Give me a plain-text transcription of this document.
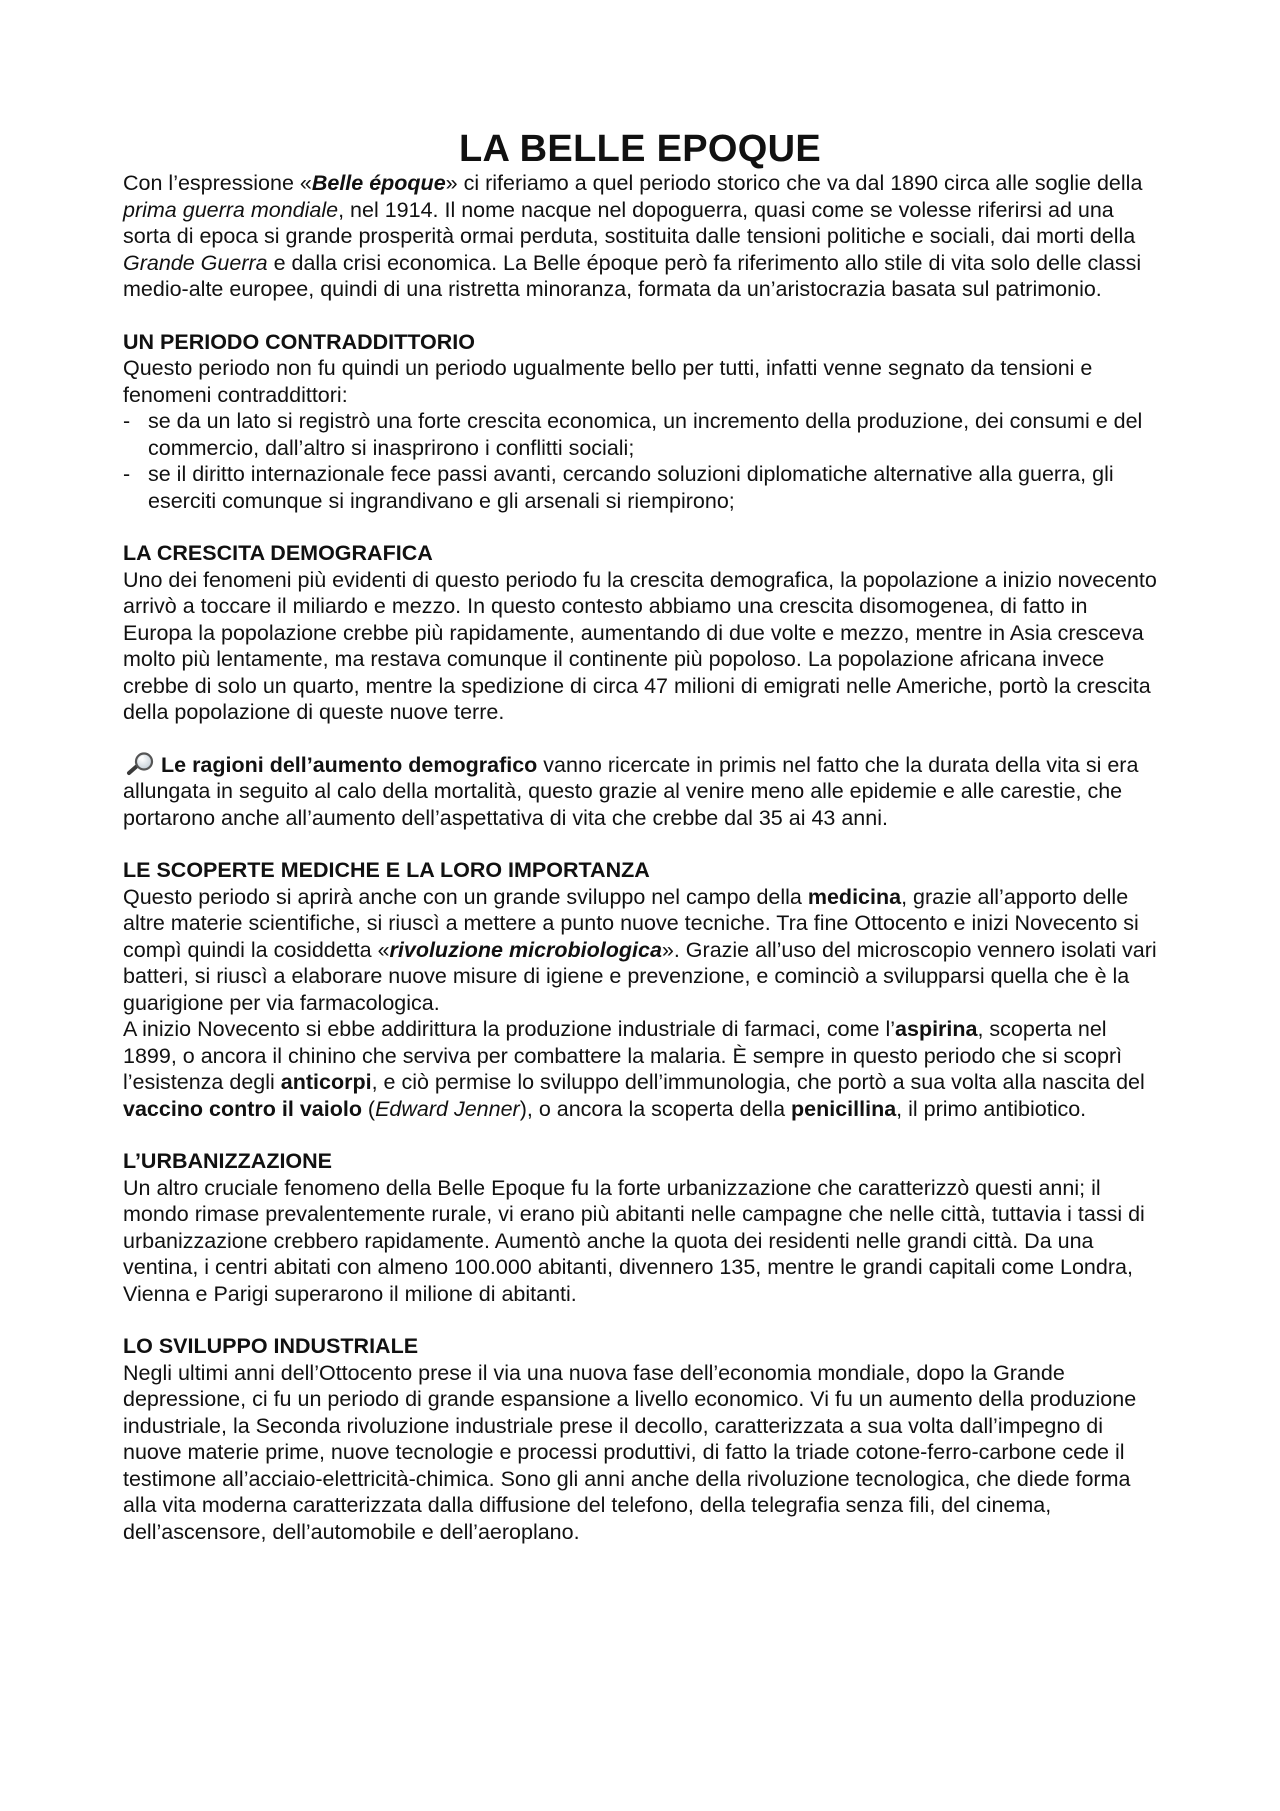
LA BELLE EPOQUE

Con l’espressione «Belle époque» ci riferiamo a quel periodo storico che va dal 1890 circa alle soglie della prima guerra mondiale, nel 1914. Il nome nacque nel dopoguerra, quasi come se volesse riferirsi ad una sorta di epoca si grande prosperità ormai perduta, sostituita dalle tensioni politiche e sociali, dai morti della Grande Guerra e dalla crisi economica. La Belle époque però fa riferimento allo stile di vita solo delle classi medio-alte europee, quindi di una ristretta minoranza, formata da un’aristocrazia basata sul patrimonio.

UN PERIODO CONTRADDITTORIO

Questo periodo non fu quindi un periodo ugualmente bello per tutti, infatti venne segnato da tensioni e fenomeni contraddittori:

- se da un lato si registrò una forte crescita economica, un incremento della produzione, dei consumi e del commercio, dall’altro si inasprirono i conflitti sociali;
- se il diritto internazionale fece passi avanti, cercando soluzioni diplomatiche alternative alla guerra, gli eserciti comunque si ingrandivano e gli arsenali si riempirono;
LA CRESCITA DEMOGRAFICA

Uno dei fenomeni più evidenti di questo periodo fu la crescita demografica, la popolazione a inizio novecento arrivò a toccare il miliardo e mezzo. In questo contesto abbiamo una crescita disomogenea, di fatto in Europa la popolazione crebbe più rapidamente, aumentando di due volte e mezzo, mentre in Asia cresceva molto più lentamente, ma restava comunque il continente più popoloso. La popolazione africana invece crebbe di solo un quarto, mentre la spedizione di circa 47 milioni di emigrati nelle Americhe, portò la crescita della popolazione di queste nuove terre.

Le ragioni dell’aumento demografico vanno ricercate in primis nel fatto che la durata della vita si era allungata in seguito al calo della mortalità, questo grazie al venire meno alle epidemie e alle carestie, che portarono anche all’aumento dell’aspettativa di vita che crebbe dal 35 ai 43 anni.

LE SCOPERTE MEDICHE E LA LORO IMPORTANZA

Questo periodo si aprirà anche con un grande sviluppo nel campo della medicina, grazie all’apporto delle altre materie scientifiche, si riuscì a mettere a punto nuove tecniche. Tra fine Ottocento e inizi Novecento si compì quindi la cosiddetta «rivoluzione microbiologica». Grazie all’uso del microscopio vennero isolati vari batteri, si riuscì a elaborare nuove misure di igiene e prevenzione, e cominciò a svilupparsi quella che è la guarigione per via farmacologica.

A inizio Novecento si ebbe addirittura la produzione industriale di farmaci, come l’aspirina, scoperta nel 1899, o ancora il chinino che serviva per combattere la malaria. È sempre in questo periodo che si scoprì l’esistenza degli anticorpi, e ciò permise lo sviluppo dell’immunologia, che portò a sua volta alla nascita del vaccino contro il vaiolo (Edward Jenner), o ancora la scoperta della penicillina, il primo antibiotico.

L’URBANIZZAZIONE

Un altro cruciale fenomeno della Belle Epoque fu la forte urbanizzazione che caratterizzò questi anni; il mondo rimase prevalentemente rurale, vi erano più abitanti nelle campagne che nelle città, tuttavia i tassi di urbanizzazione crebbero rapidamente. Aumentò anche la quota dei residenti nelle grandi città. Da una ventina, i centri abitati con almeno 100.000 abitanti, divennero 135, mentre le grandi capitali come Londra, Vienna e Parigi superarono il milione di abitanti.

LO SVILUPPO INDUSTRIALE

Negli ultimi anni dell’Ottocento prese il via una nuova fase dell’economia mondiale, dopo la Grande depressione, ci fu un periodo di grande espansione a livello economico. Vi fu un aumento della produzione industriale, la Seconda rivoluzione industriale prese il decollo, caratterizzata a sua volta dall’impegno di nuove materie prime, nuove tecnologie e processi produttivi, di fatto la triade cotone-ferro-carbone cede il testimone all’acciaio-elettricità-chimica. Sono gli anni anche della rivoluzione tecnologica, che diede forma alla vita moderna caratterizzata dalla diffusione del telefono, della telegrafia senza fili, del cinema, dell’ascensore, dell’automobile e dell’aeroplano.
